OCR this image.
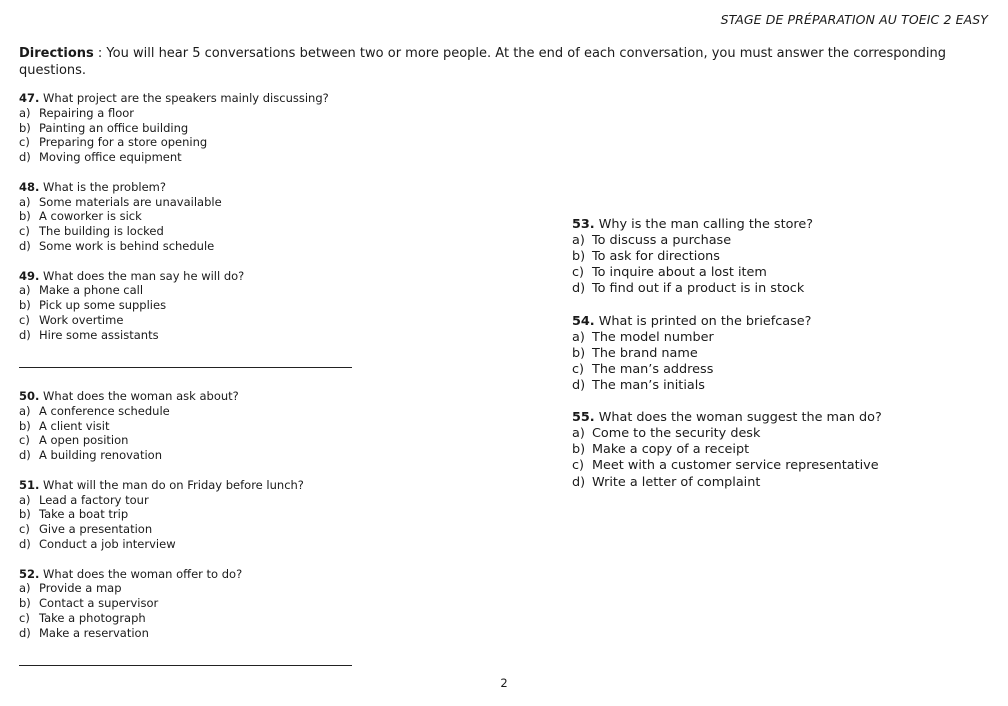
STAGE DE PRÉPARATION AU TOEIC 2 EASY
Directions : You will hear 5 conversations between two or more people. At the end of each conversation, you must answer the corresponding questions.
47. What project are the speakers mainly discussing?
a) Repairing a floor
b) Painting an office building
c) Preparing for a store opening
d) Moving office equipment
48. What is the problem?
a) Some materials are unavailable
b) A coworker is sick
c) The building is locked
d) Some work is behind schedule
49. What does the man say he will do?
a) Make a phone call
b) Pick up some supplies
c) Work overtime
d) Hire some assistants
50. What does the woman ask about?
a) A conference schedule
b) A client visit
c) A open position
d) A building renovation
51. What will the man do on Friday before lunch?
a) Lead a factory tour
b) Take a boat trip
c) Give a presentation
d) Conduct a job interview
52. What does the woman offer to do?
a) Provide a map
b) Contact a supervisor
c) Take a photograph
d) Make a reservation
53. Why is the man calling the store?
a) To discuss a purchase
b) To ask for directions
c) To inquire about a lost item
d) To find out if a product is in stock
54. What is printed on the briefcase?
a) The model number
b) The brand name
c) The man’s address
d) The man’s initials
55. What does the woman suggest the man do?
a) Come to the security desk
b) Make a copy of a receipt
c) Meet with a customer service representative
d) Write a letter of complaint
2
